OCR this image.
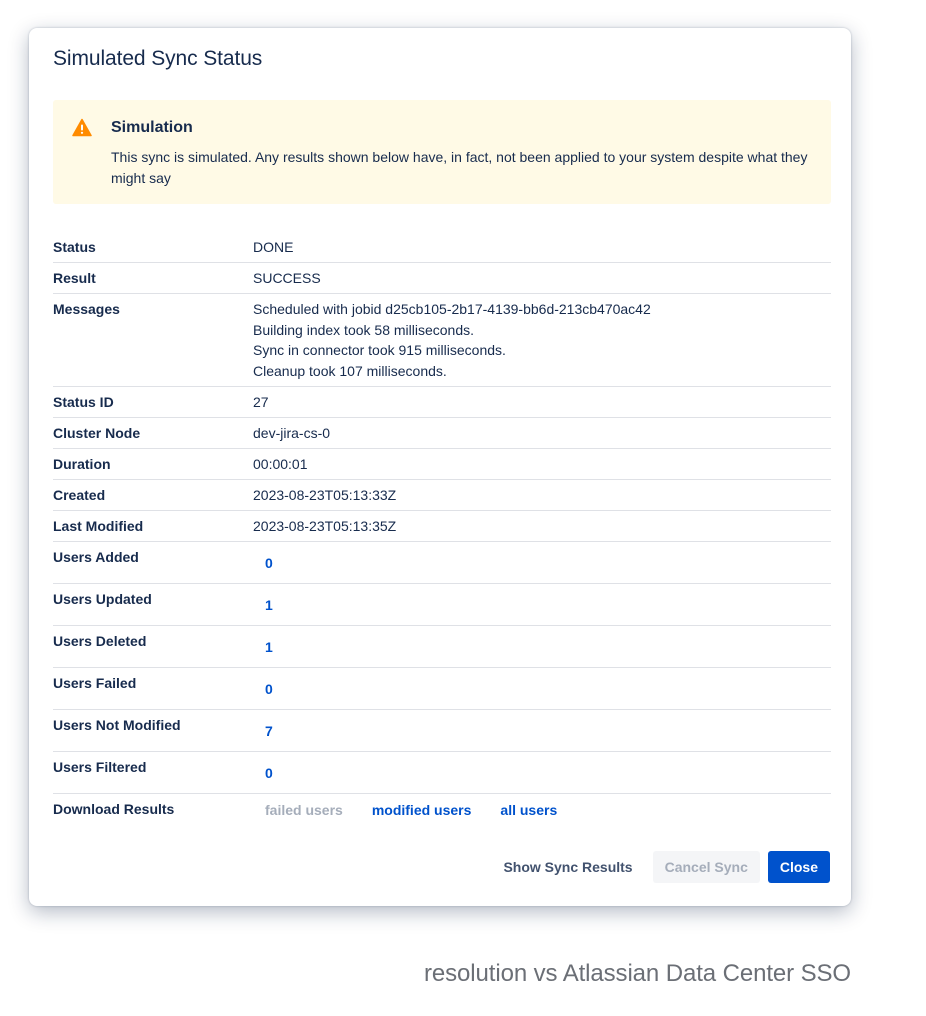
Simulated Sync Status
Simulation
This sync is simulated. Any results shown below have, in fact, not been applied to your system despite what they might say
Status	DONE
Result	SUCCESS
Messages	Scheduled with jobid d25cb105-2b17-4139-bb6d-213cb470ac42
Building index took 58 milliseconds.
Sync in connector took 915 milliseconds.
Cleanup took 107 milliseconds.
Status ID	27
Cluster Node	dev-jira-cs-0
Duration	00:00:01
Created	2023-08-23T05:13:33Z
Last Modified	2023-08-23T05:13:35Z
Users Added	0
Users Updated	1
Users Deleted	1
Users Failed	0
Users Not Modified	7
Users Filtered	0
Download Results	failed users modified users all users
Show Sync Results	Cancel Sync	Close
resolution vs Atlassian Data Center SSO
